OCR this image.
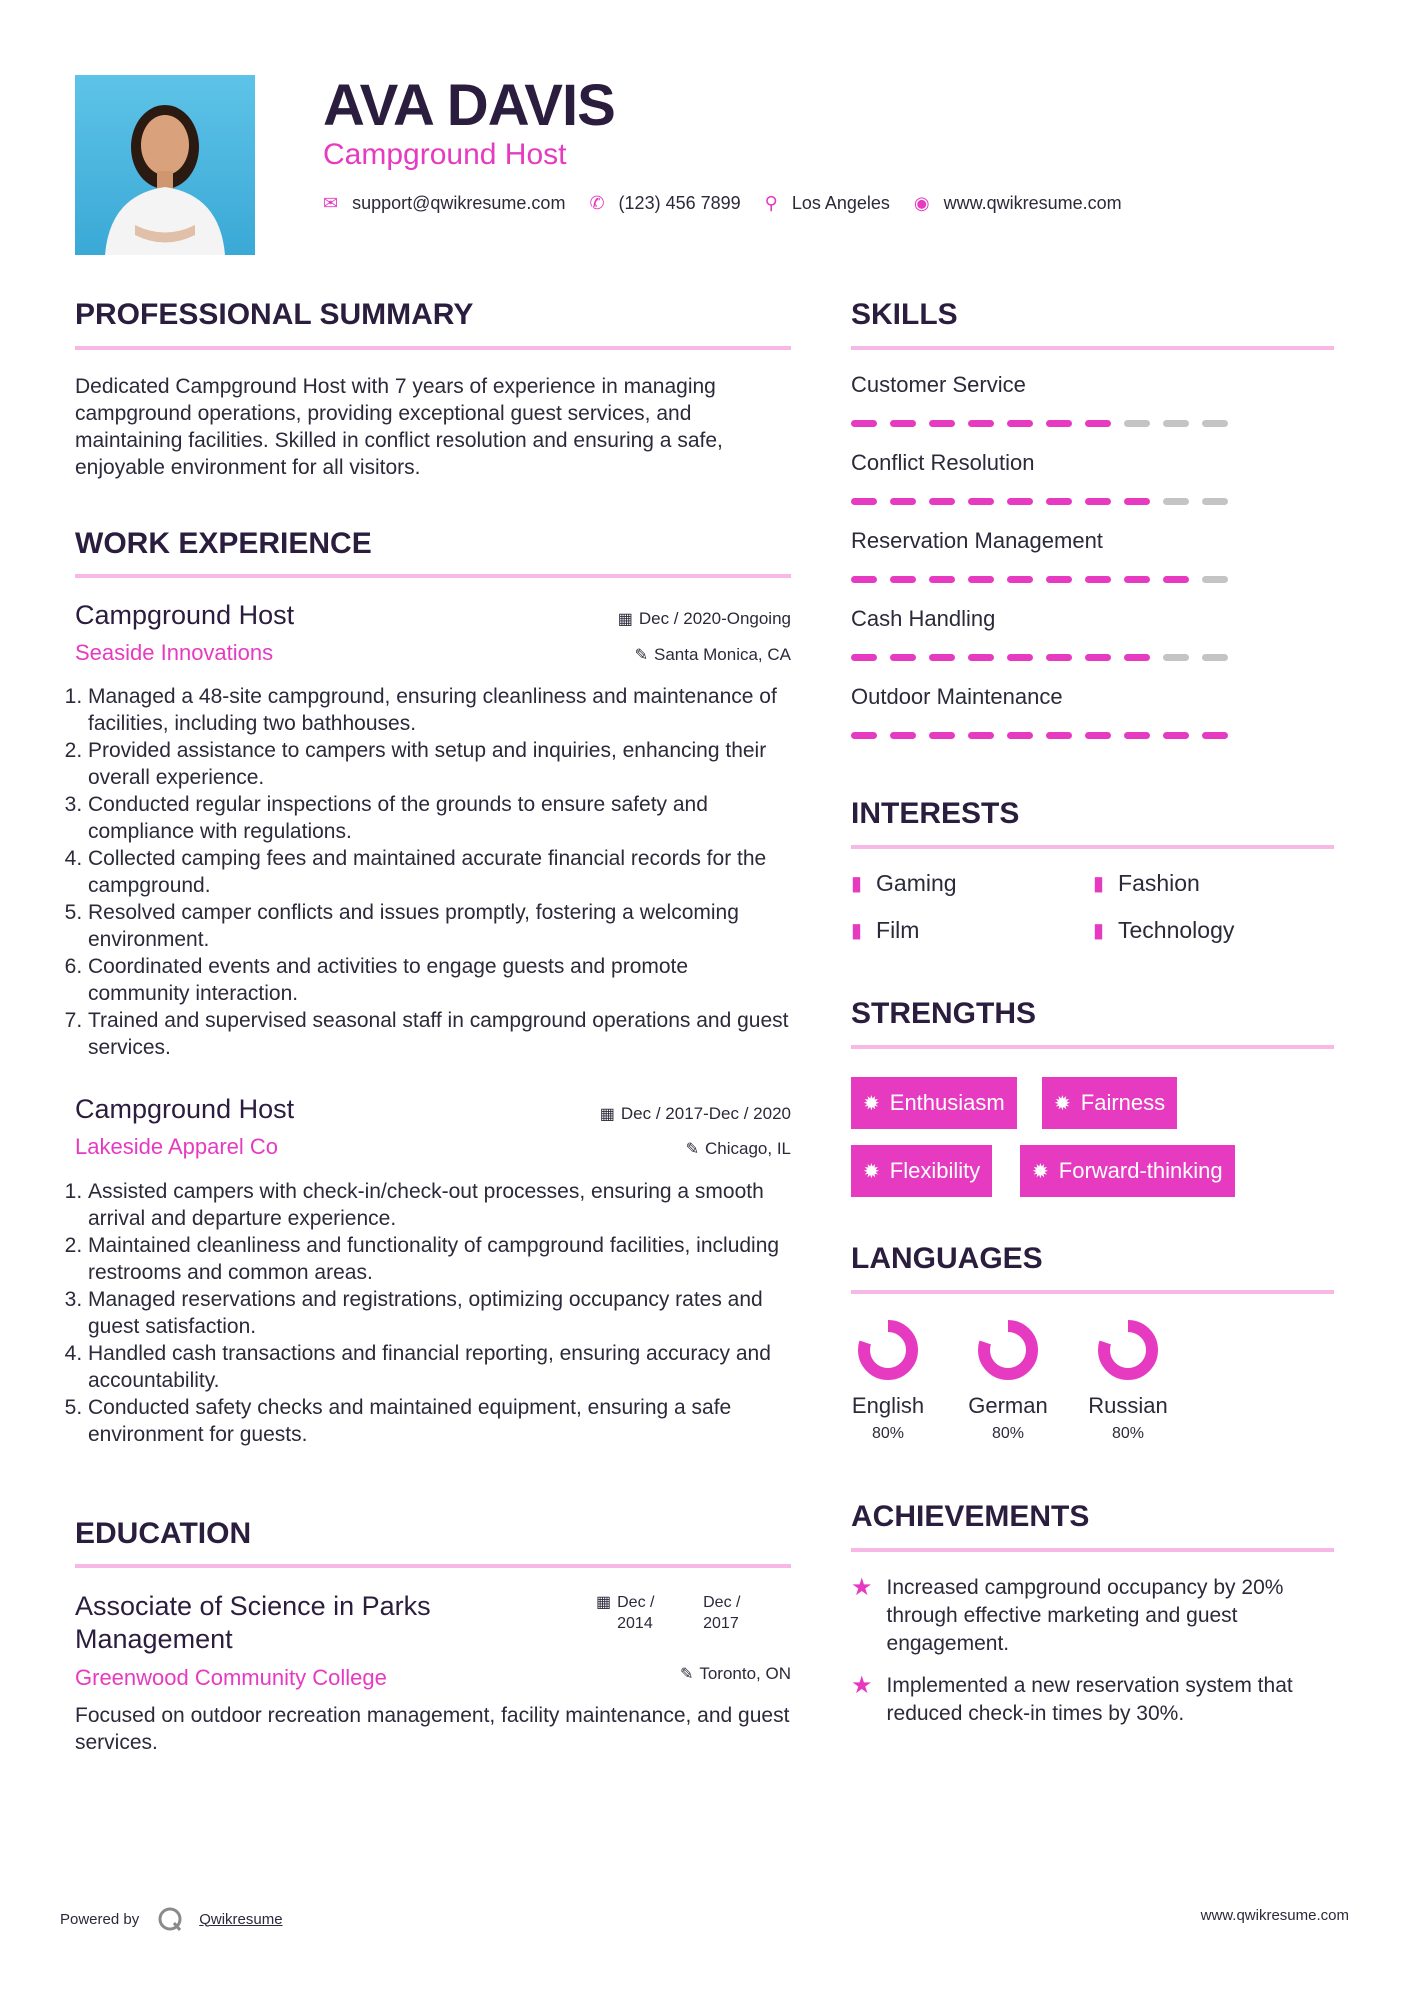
AVA DAVIS
Campground Host
✉ support@qwikresume.com ✆ (123) 456 7899 ⚲ Los Angeles ◉ www.qwikresume.com
PROFESSIONAL SUMMARY
Dedicated Campground Host with 7 years of experience in managing campground operations, providing exceptional guest services, and maintaining facilities. Skilled in conflict resolution and ensuring a safe, enjoyable environment for all visitors.
WORK EXPERIENCE
Campground Host	▦ Dec / 2020-Ongoing
Seaside Innovations	✎ Santa Monica, CA
1. Managed a 48-site campground, ensuring cleanliness and maintenance of facilities, including two bathhouses.
2. Provided assistance to campers with setup and inquiries, enhancing their overall experience.
3. Conducted regular inspections of the grounds to ensure safety and compliance with regulations.
4. Collected camping fees and maintained accurate financial records for the campground.
5. Resolved camper conflicts and issues promptly, fostering a welcoming environment.
6. Coordinated events and activities to engage guests and promote community interaction.
7. Trained and supervised seasonal staff in campground operations and guest services.
Campground Host	▦ Dec / 2017-Dec / 2020
Lakeside Apparel Co	✎ Chicago, IL
1. Assisted campers with check-in/check-out processes, ensuring a smooth arrival and departure experience.
2. Maintained cleanliness and functionality of campground facilities, including restrooms and common areas.
3. Managed reservations and registrations, optimizing occupancy rates and guest satisfaction.
4. Handled cash transactions and financial reporting, ensuring accuracy and accountability.
5. Conducted safety checks and maintained equipment, ensuring a safe environment for guests.
EDUCATION
Associate of Science in Parks Management
▦ Dec / 2014
Dec / 2017
Greenwood Community College	✎ Toronto, ON
Focused on outdoor recreation management, facility maintenance, and guest services.
SKILLS
Customer Service
Conflict Resolution
Reservation Management
Cash Handling
Outdoor Maintenance
INTERESTS
▮ Gaming	▮ Fashion
▮ Film	▮ Technology
STRENGTHS
✹ Enthusiasm ✹ Fairness
✹ Flexibility	✹ Forward-thinking
LANGUAGES
English
80%
German
80%
Russian
80%
ACHIEVEMENTS
★ Increased campground occupancy by 20% through effective marketing and guest engagement.
★ Implemented a new reservation system that reduced check-in times by 30%.
Powered by	Qwikresume	www.qwikresume.com
